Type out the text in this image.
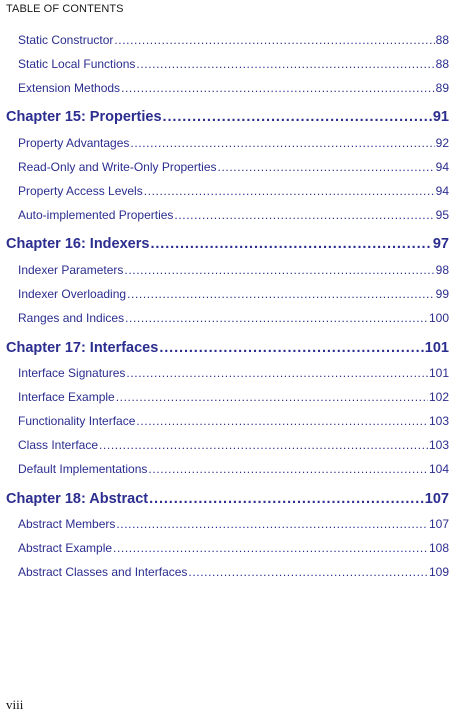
TABLE OF CONTENTS
Static Constructor .....	88
Static Local Functions .....	88
Extension Methods .....	89
Chapter 15: Properties .....	91
Property Advantages .....	92
Read-Only and Write-Only Properties .....	94
Property Access Levels .....	94
Auto-implemented Properties .....	95
Chapter 16: Indexers .....	97
Indexer Parameters .....	98
Indexer Overloading .....	99
Ranges and Indices .....	100
Chapter 17: Interfaces .....	101
Interface Signatures .....	101
Interface Example .....	102
Functionality Interface .....	103
Class Interface .....	103
Default Implementations .....	104
Chapter 18: Abstract .....	107
Abstract Members .....	107
Abstract Example .....	108
Abstract Classes and Interfaces .....	109
viii
